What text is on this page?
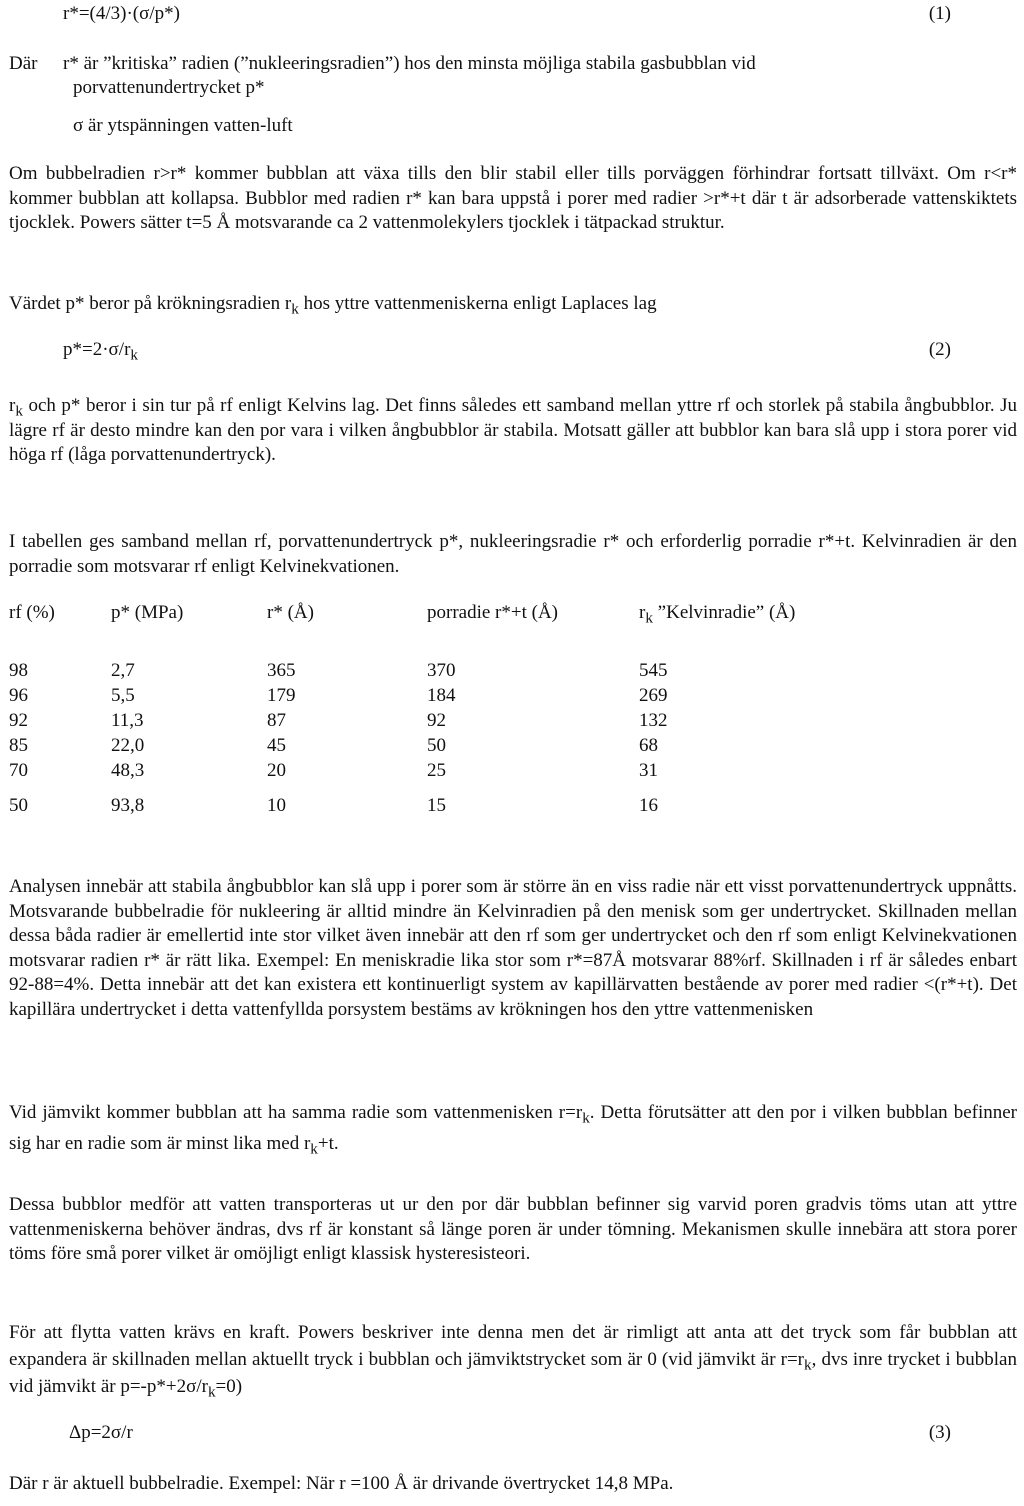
r*=(4/3)·(σ/p*)	(1)
Där r* är ”kritiska” radien (”nukleeringsradien”) hos den minsta möjliga stabila gasbubblan vid
porvattenundertrycket p*
σ är ytspänningen vatten-luft

Om bubbelradien r>r* kommer bubblan att växa tills den blir stabil eller tills porväggen förhindrar fortsatt tillväxt. Om r<r* kommer bubblan att kollapsa. Bubblor med radien r* kan bara uppstå i porer med radier >r*+t där t är adsorberade vattenskiktets tjocklek. Powers sätter t=5 Å motsvarande ca 2 vattenmolekylers tjocklek i tätpackad struktur.

Värdet p* beror på krökningsradien $r_k$ hos yttre vattenmeniskerna enligt Laplaces lag
$p*=2\cdot\sigma/r_k$	(2)

$r_k$ och p* beror i sin tur på rf enligt Kelvins lag. Det finns således ett samband mellan yttre rf och storlek på stabila ångbubblor. Ju lägre rf är desto mindre kan den por vara i vilken ångbubblor är stabila. Motsatt gäller att bubblor kan bara slå upp i stora porer vid höga rf (låga porvattenundertryck).

I tabellen ges samband mellan rf, porvattenundertryck p*, nukleeringsradie r* och erforderlig porradie r*+t. Kelvinradien är den porradie som motsvarar rf enligt Kelvinekvationen.

rf (%)	p* (MPa)	r* (Å)	porradie r*+t (Å)	$r_k$ ”Kelvinradie” (Å)
98	2,7	365	370	545
96	5,5	179	184	269
92	11,3	87	92	132
85	22,0	45	50	68
70	48,3	20	25	31
50	93,8	10	15	16

Analysen innebär att stabila ångbubblor kan slå upp i porer som är större än en viss radie när ett visst porvattenundertryck uppnåtts. Motsvarande bubbelradie för nukleering är alltid mindre än Kelvinradien på den menisk som ger undertrycket. Skillnaden mellan dessa båda radier är emellertid inte stor vilket även innebär att den rf som ger undertrycket och den rf som enligt Kelvinekvationen motsvarar radien r* är rätt lika. Exempel: En meniskradie lika stor som r*=87Å motsvarar 88%rf. Skillnaden i rf är således enbart 92-88=4%. Detta innebär att det kan existera ett kontinuerligt system av kapillärvatten bestående av porer med radier <(r*+t). Det kapillära undertrycket i detta vattenfyllda porsystem bestäms av krökningen hos den yttre vattenmenisken

Vid jämvikt kommer bubblan att ha samma radie som vattenmenisken $r=r_k$. Detta förutsätter att den por i vilken bubblan befinner sig har en radie som är minst lika med $r_k+t$.

Dessa bubblor medför att vatten transporteras ut ur den por där bubblan befinner sig varvid poren gradvis töms utan att yttre vattenmeniskerna behöver ändras, dvs rf är konstant så länge poren är under tömning. Mekanismen skulle innebära att stora porer töms före små porer vilket är omöjligt enligt klassisk hysteresisteori.

För att flytta vatten krävs en kraft. Powers beskriver inte denna men det är rimligt att anta att det tryck som får bubblan att expandera är skillnaden mellan aktuellt tryck i bubblan och jämviktstrycket som är 0 (vid jämvikt är $r=r_k$, dvs inre trycket i bubblan vid jämvikt är $p=-p*+2\sigma/r_k=0$)

Δp=2σ/r	(3)
Där r är aktuell bubbelradie. Exempel: När r =100 Å är drivande övertrycket 14,8 MPa.
